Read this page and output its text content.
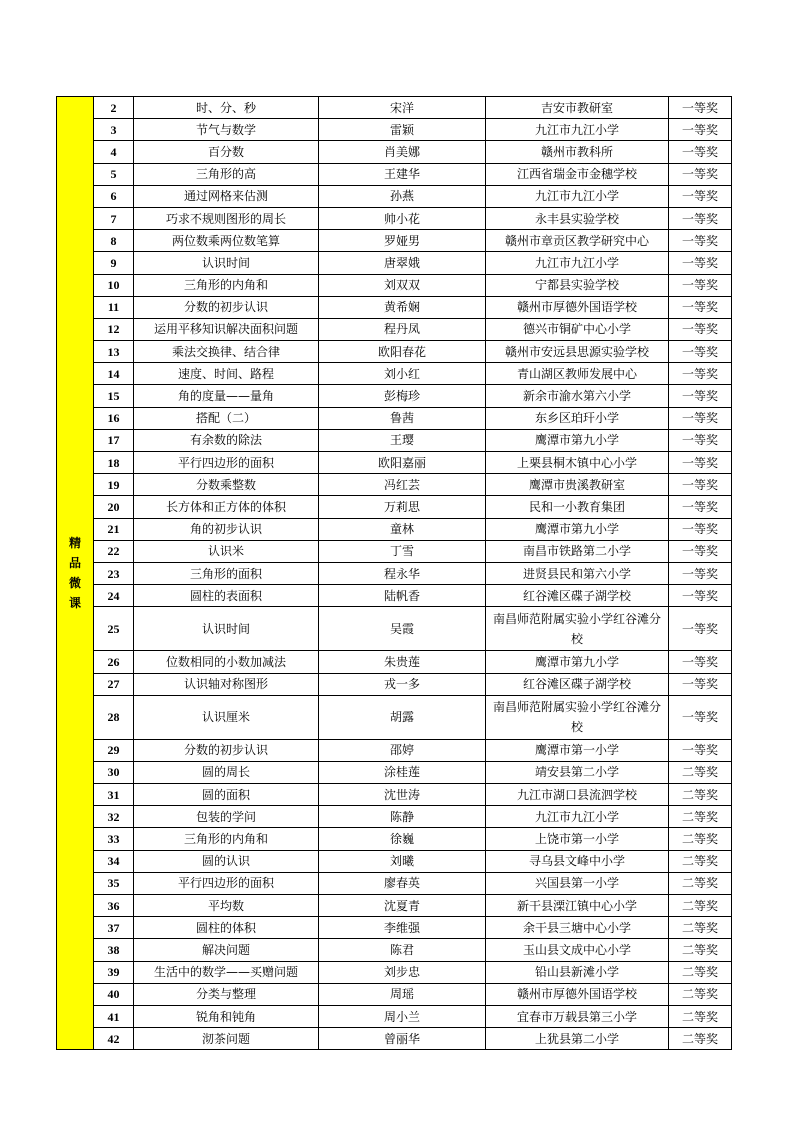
精品微课	2	时、分、秒	宋洋	吉安市教研室	一等奖
	3	节气与数学	雷颖	九江市九江小学	一等奖
	4	百分数	肖美娜	赣州市教科所	一等奖
	5	三角形的高	王建华	江西省瑞金市金穗学校	一等奖
	6	通过网格来估测	孙燕	九江市九江小学	一等奖
	7	巧求不规则图形的周长	帅小花	永丰县实验学校	一等奖
	8	两位数乘两位数笔算	罗娅男	赣州市章贡区教学研究中心	一等奖
	9	认识时间	唐翠娥	九江市九江小学	一等奖
	10	三角形的内角和	刘双双	宁都县实验学校	一等奖
	11	分数的初步认识	黄希娴	赣州市厚德外国语学校	一等奖
	12	运用平移知识解决面积问题	程丹凤	德兴市铜矿中心小学	一等奖
	13	乘法交换律、结合律	欧阳春花	赣州市安远县思源实验学校	一等奖
	14	速度、时间、路程	刘小红	青山湖区教师发展中心	一等奖
	15	角的度量——量角	彭梅珍	新余市渝水第六小学	一等奖
	16	搭配（二）	鲁茜	东乡区珀玕小学	一等奖
	17	有余数的除法	王璎	鹰潭市第九小学	一等奖
	18	平行四边形的面积	欧阳嘉丽	上栗县桐木镇中心小学	一等奖
	19	分数乘整数	冯红芸	鹰潭市贵溪教研室	一等奖
	20	长方体和正方体的体积	万莉思	民和一小教育集团	一等奖
	21	角的初步认识	童林	鹰潭市第九小学	一等奖
	22	认识米	丁雪	南昌市铁路第二小学	一等奖
	23	三角形的面积	程永华	进贤县民和第六小学	一等奖
	24	圆柱的表面积	陆帆香	红谷滩区碟子湖学校	一等奖
	25	认识时间	吴霞	南昌师范附属实验小学红谷滩分校	一等奖
	26	位数相同的小数加减法	朱贵莲	鹰潭市第九小学	一等奖
	27	认识轴对称图形	戎一多	红谷滩区碟子湖学校	一等奖
	28	认识厘米	胡露	南昌师范附属实验小学红谷滩分校	一等奖
	29	分数的初步认识	邵婷	鹰潭市第一小学	一等奖
	30	圆的周长	涂桂莲	靖安县第二小学	二等奖
	31	圆的面积	沈世涛	九江市湖口县流泗学校	二等奖
	32	包装的学问	陈静	九江市九江小学	二等奖
	33	三角形的内角和	徐巍	上饶市第一小学	二等奖
	34	圆的认识	刘曦	寻乌县文峰中小学	二等奖
	35	平行四边形的面积	廖春英	兴国县第一小学	二等奖
	36	平均数	沈夏青	新干县溧江镇中心小学	二等奖
	37	圆柱的体积	李维强	余干县三塘中心小学	二等奖
	38	解决问题	陈君	玉山县文成中心小学	二等奖
	39	生活中的数学——买赠问题	刘步忠	铅山县新滩小学	二等奖
	40	分类与整理	周瑶	赣州市厚德外国语学校	二等奖
	41	锐角和钝角	周小兰	宜春市万载县第三小学	二等奖
	42	沏茶问题	曾丽华	上犹县第二小学	二等奖
